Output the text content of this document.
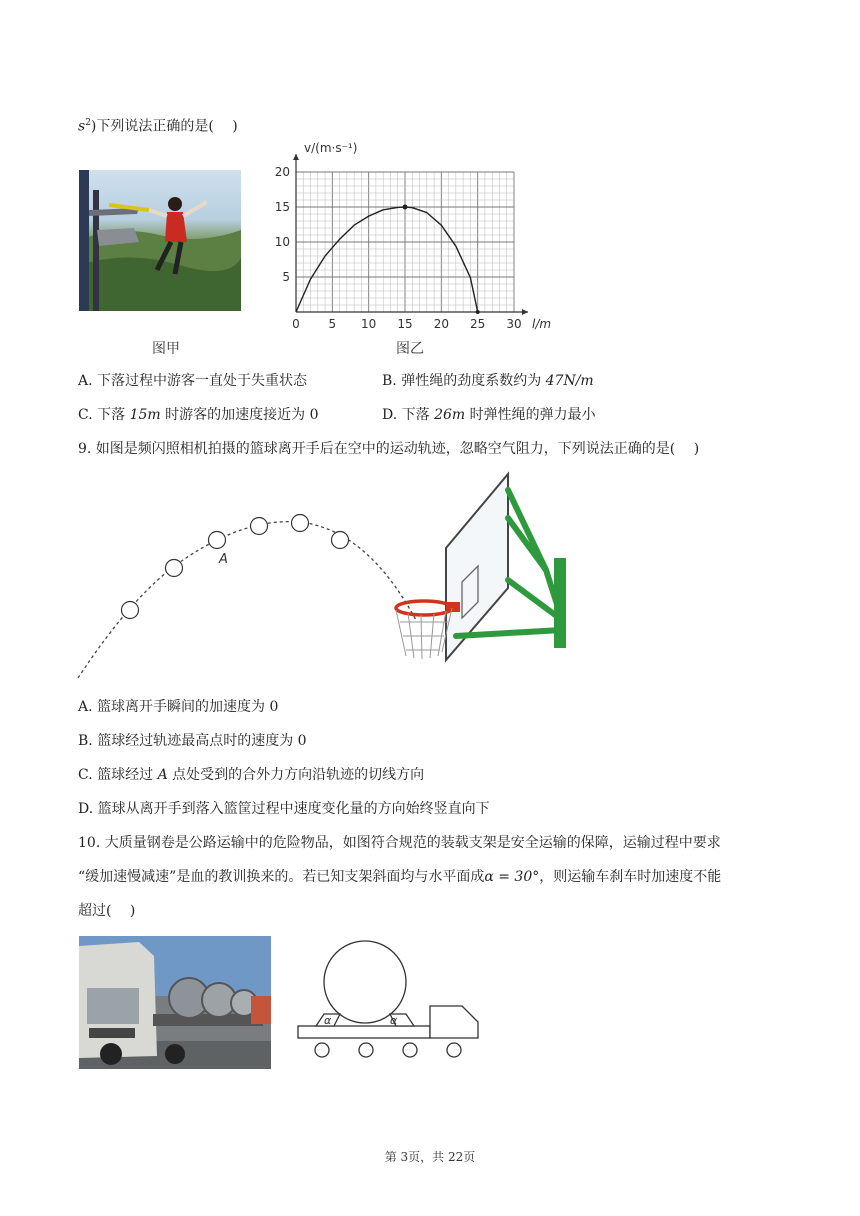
$s^2$)下列说法正确的是(　 )
图甲
0 5 10 15 20 25 30
5
10
15
20
l/m
v/(m·s⁻¹)
图乙
A. 下落过程中游客一直处于失重状态	B. 弹性绳的劲度系数约为 47N/m
C. 下落 15m 时游客的加速度接近为 0	D. 下落 26m 时弹性绳的弹力最小
9. 如图是频闪照相机拍摄的篮球离开手后在空中的运动轨迹，忽略空气阻力，下列说法正确的是(　 )
A
A. 篮球离开手瞬间的加速度为 0
B. 篮球经过轨迹最高点时的速度为 0
C. 篮球经过 A 点处受到的合外力方向沿轨迹的切线方向
D. 篮球从离开手到落入篮筐过程中速度变化量的方向始终竖直向下
10. 大质量钢卷是公路运输中的危险物品，如图符合规范的装载支架是安全运输的保障，运输过程中要求
“缓加速慢减速”是血的教训换来的。若已知支架斜面均与水平面成α = 30°，则运输车刹车时加速度不能
超过(　 )
α	α
第 3页，共 22页
